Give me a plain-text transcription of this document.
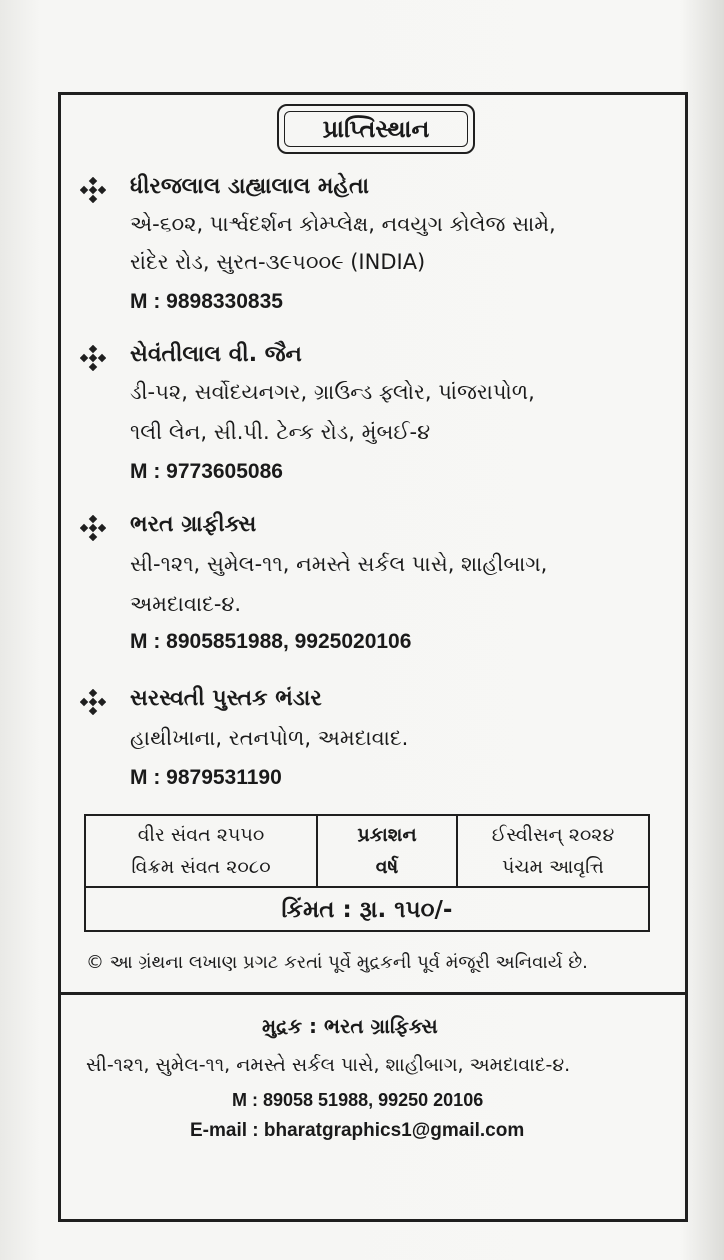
પ્રાપ્તિસ્થાન
ધીરજલાલ ડાહ્યાલાલ મહેતા
એ-૬૦૨, પાર્શ્વદર્શન કોમ્પ્લેક્ષ, નવયુગ કોલેજ સામે,
રાંદેર રોડ, સુરત-૩૯૫૦૦૯ (INDIA)
M : 9898330835
સેવંતીલાલ વી. જૈન
ડી-૫૨, સર્વોદયનગર, ગ્રાઉન્ડ ફ્લોર, પાંજરાપોળ,
૧લી લેન, સી.પી. ટેન્ક રોડ, મુંબઈ-૪
M : 9773605086
ભરત ગ્રાફીક્સ
સી-૧૨૧, સુમેલ-૧૧, નમસ્તે સર્કલ પાસે, શાહીબાગ,
અમદાવાદ-૪.
M : 8905851988, 9925020106
સરસ્વતી પુસ્તક ભંડાર
હાથીખાના, રતનપોળ, અમદાવાદ.
M : 9879531190
વીર સંવત ૨૫૫૦
વિક્રમ સંવત ૨૦૮૦
પ્રકાશન
વર્ષ
ઈસ્વીસન્ ૨૦૨૪
પંચમ આવૃત્તિ
કિંમત : રૂા. ૧૫૦/-
© આ ગ્રંથના લખાણ પ્રગટ કરતાં પૂર્વે મુદ્રકની પૂર્વ મંજૂરી અનિવાર્ય છે.
મુદ્રક : ભરત ગ્રાફિક્સ
સી-૧૨૧, સુમેલ-૧૧, નમસ્તે સર્કલ પાસે, શાહીબાગ, અમદાવાદ-૪.
M : 89058 51988, 99250 20106
E-mail : bharatgraphics1@gmail.com
